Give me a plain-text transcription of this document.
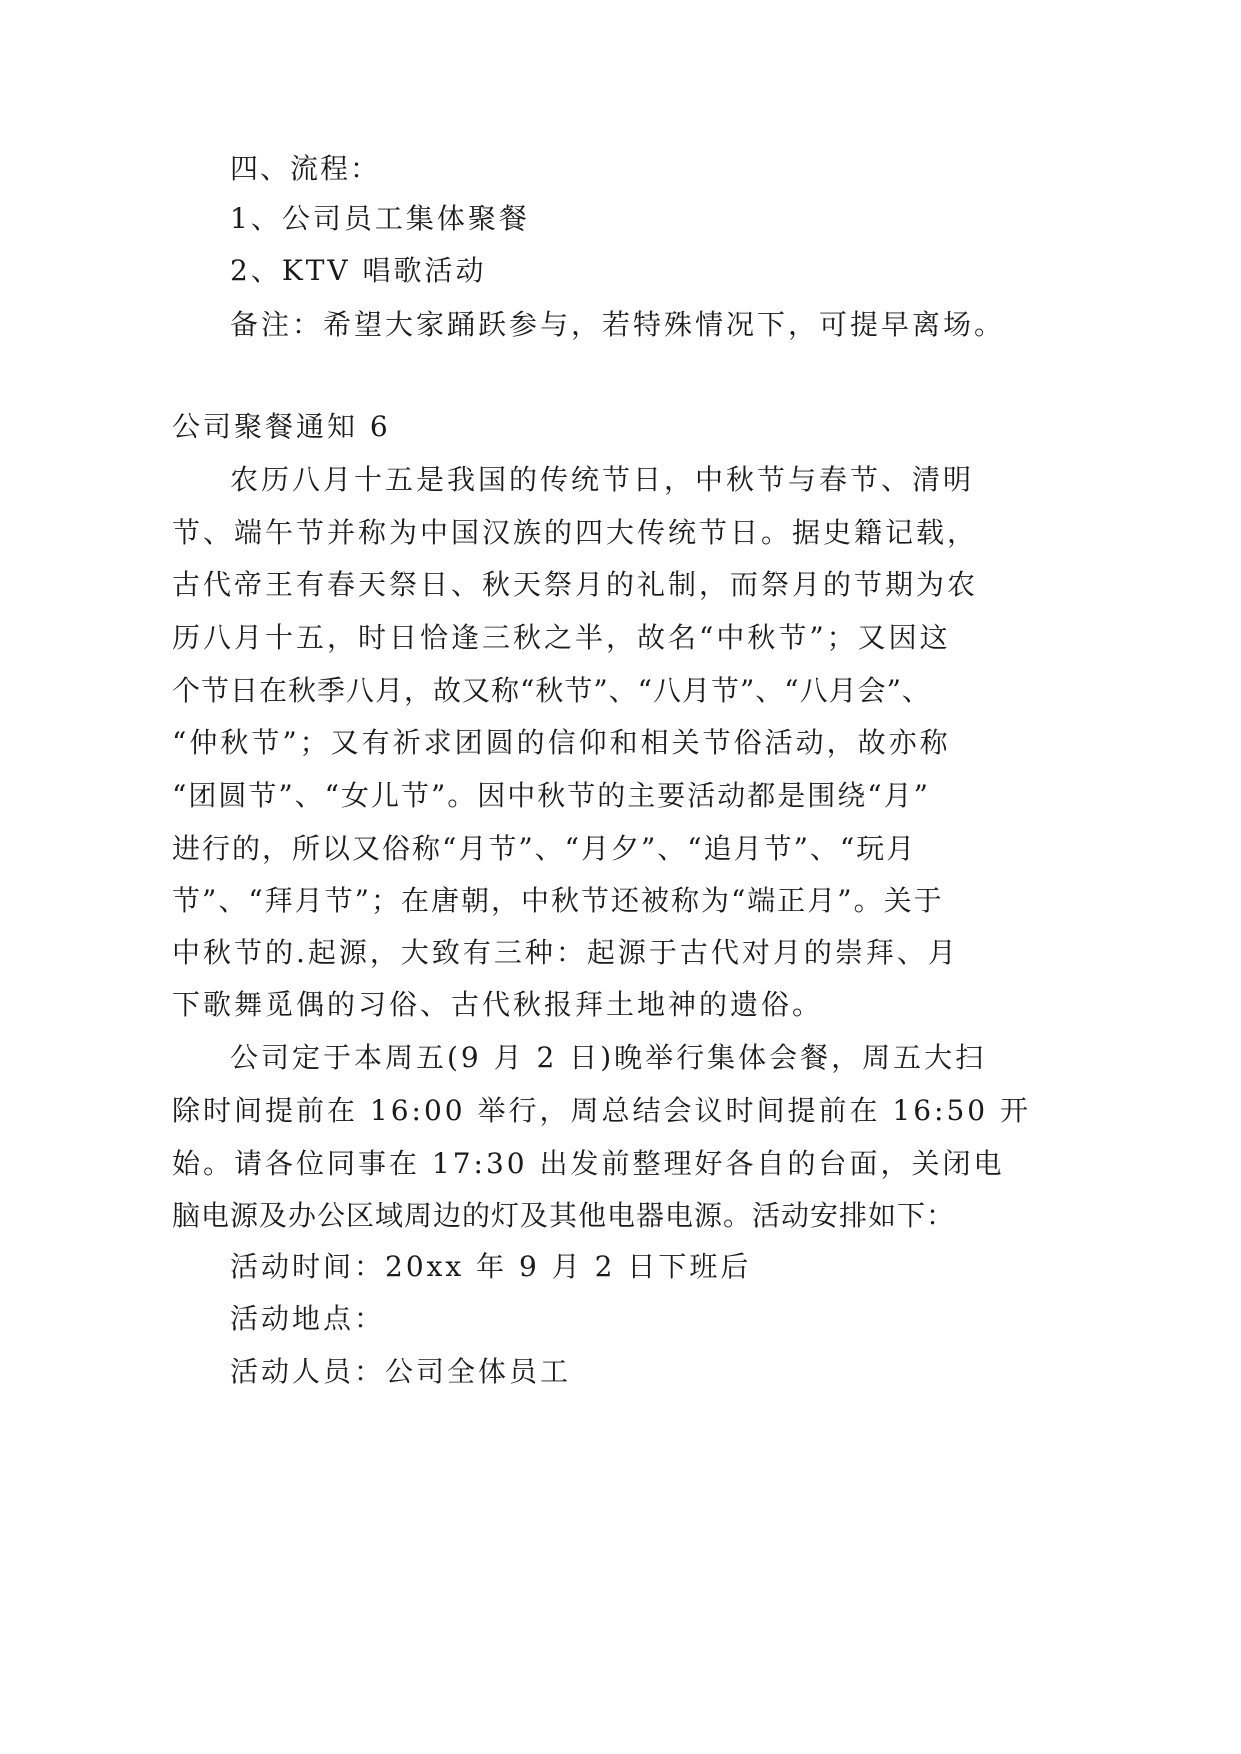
四、流程：

1、公司员工集体聚餐

2、KTV 唱歌活动

备注：希望大家踊跃参与，若特殊情况下，可提早离场。

公司聚餐通知 6

农历八月十五是我国的传统节日，中秋节与春节、清明

节、端午节并称为中国汉族的四大传统节日。据史籍记载，

古代帝王有春天祭日、秋天祭月的礼制，而祭月的节期为农

历八月十五，时日恰逢三秋之半，故名“中秋节”；又因这

个节日在秋季八月，故又称“秋节”、“八月节”、“八月会”、

“仲秋节”；又有祈求团圆的信仰和相关节俗活动，故亦称

“团圆节”、“女儿节”。因中秋节的主要活动都是围绕“月”

进行的，所以又俗称“月节”、“月夕”、“追月节”、“玩月

节”、“拜月节”；在唐朝，中秋节还被称为“端正月”。关于

中秋节的.起源，大致有三种：起源于古代对月的崇拜、月

下歌舞觅偶的习俗、古代秋报拜土地神的遗俗。

公司定于本周五(9 月 2 日)晚举行集体会餐，周五大扫

除时间提前在 16:00 举行，周总结会议时间提前在 16:50 开

始。请各位同事在 17:30 出发前整理好各自的台面，关闭电

脑电源及办公区域周边的灯及其他电器电源。活动安排如下：

活动时间：20xx 年 9 月 2 日下班后

活动地点：

活动人员：公司全体员工
